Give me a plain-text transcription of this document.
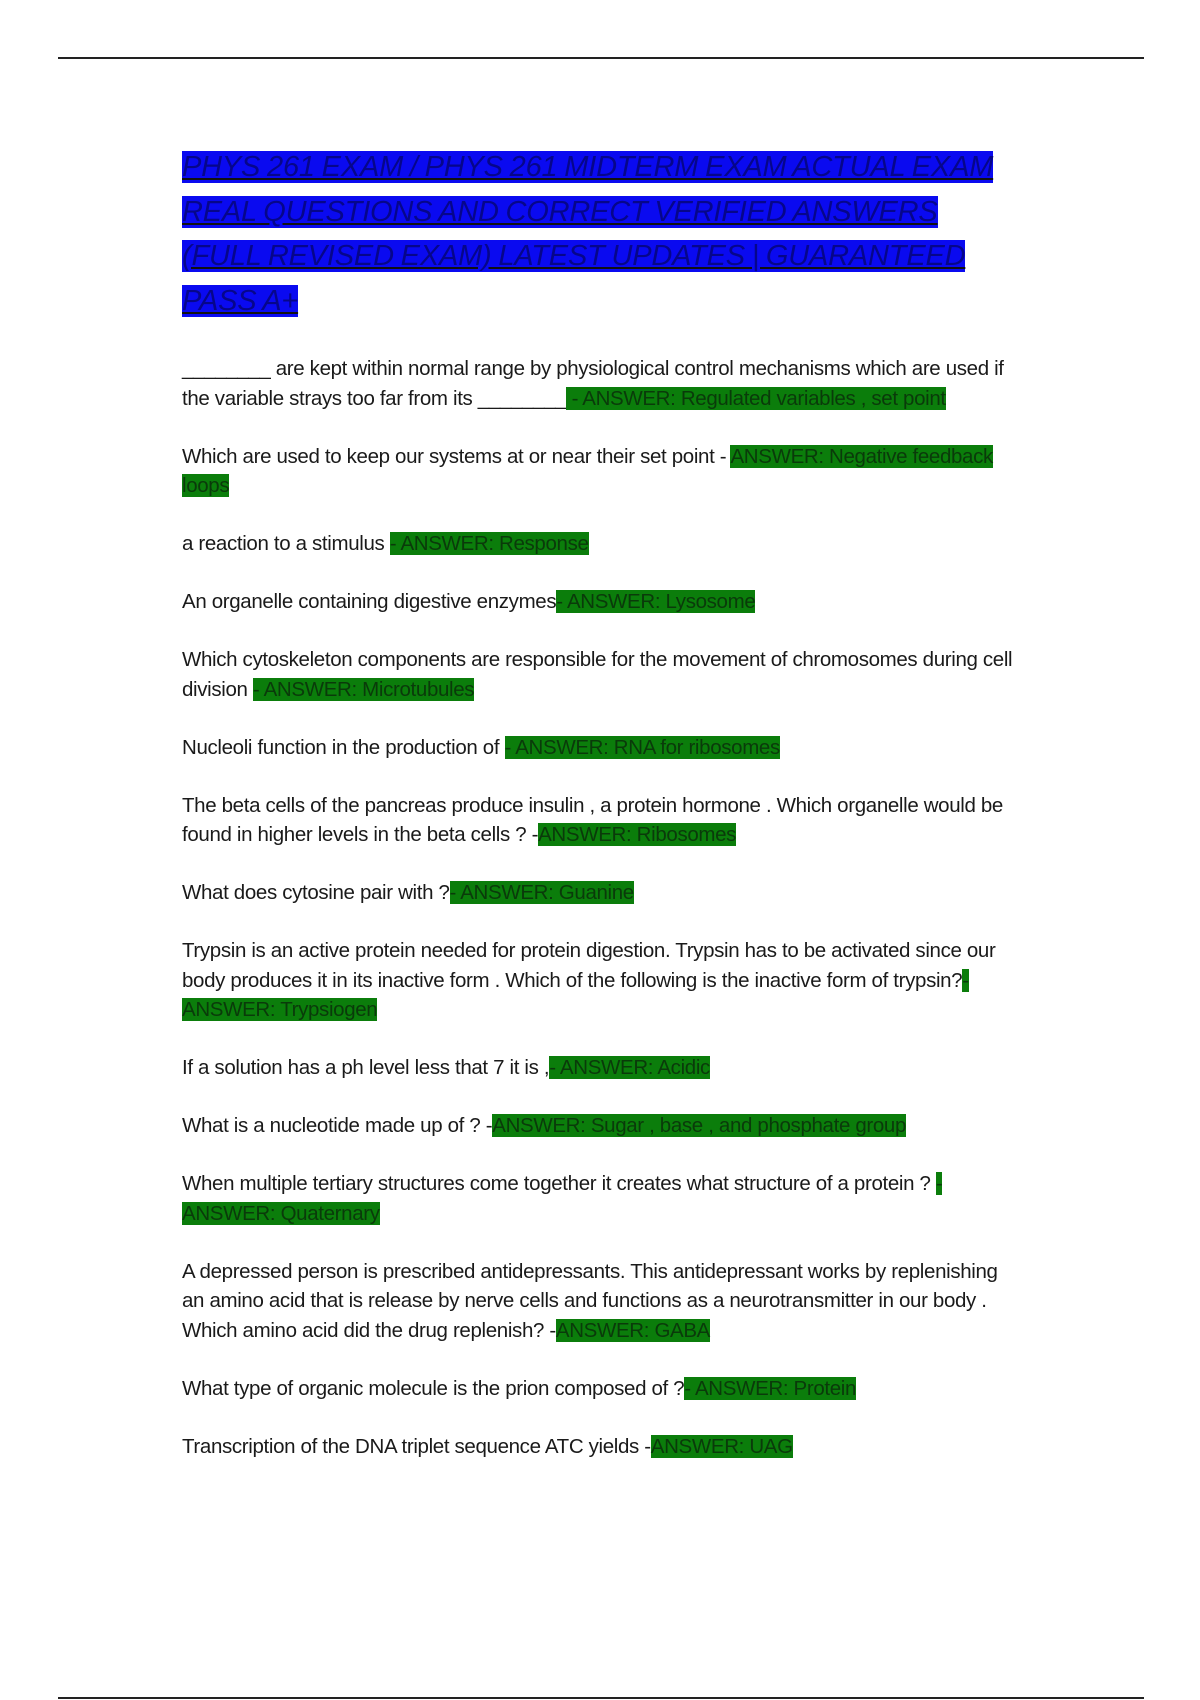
PHYS 261 EXAM / PHYS 261 MIDTERM EXAM ACTUAL EXAM REAL QUESTIONS AND CORRECT VERIFIED ANSWERS (FULL REVISED EXAM) LATEST UPDATES | GUARANTEED PASS A+

________ are kept within normal range by physiological control mechanisms which are used if the variable strays too far from its ________ - ANSWER: Regulated variables , set point

Which are used to keep our systems at or near their set point - ANSWER: Negative feedback loops

a reaction to a stimulus - ANSWER: Response

An organelle containing digestive enzymes- ANSWER: Lysosome

Which cytoskeleton components are responsible for the movement of chromosomes during cell division - ANSWER: Microtubules

Nucleoli function in the production of - ANSWER: RNA for ribosomes

The beta cells of the pancreas produce insulin , a protein hormone . Which organelle would be found in higher levels in the beta cells ? -ANSWER: Ribosomes

What does cytosine pair with ?- ANSWER: Guanine

Trypsin is an active protein needed for protein digestion. Trypsin has to be activated since our body produces it in its inactive form . Which of the following is the inactive form of trypsin?- ANSWER: Trypsiogen

If a solution has a ph level less that 7 it is ,- ANSWER: Acidic

What is a nucleotide made up of ? -ANSWER: Sugar , base , and phosphate group

When multiple tertiary structures come together it creates what structure of a protein ? - ANSWER: Quaternary

A depressed person is prescribed antidepressants. This antidepressant works by replenishing an amino acid that is release by nerve cells and functions as a neurotransmitter in our body . Which amino acid did the drug replenish? -ANSWER: GABA

What type of organic molecule is the prion composed of ?- ANSWER: Protein

Transcription of the DNA triplet sequence ATC yields -ANSWER: UAG
